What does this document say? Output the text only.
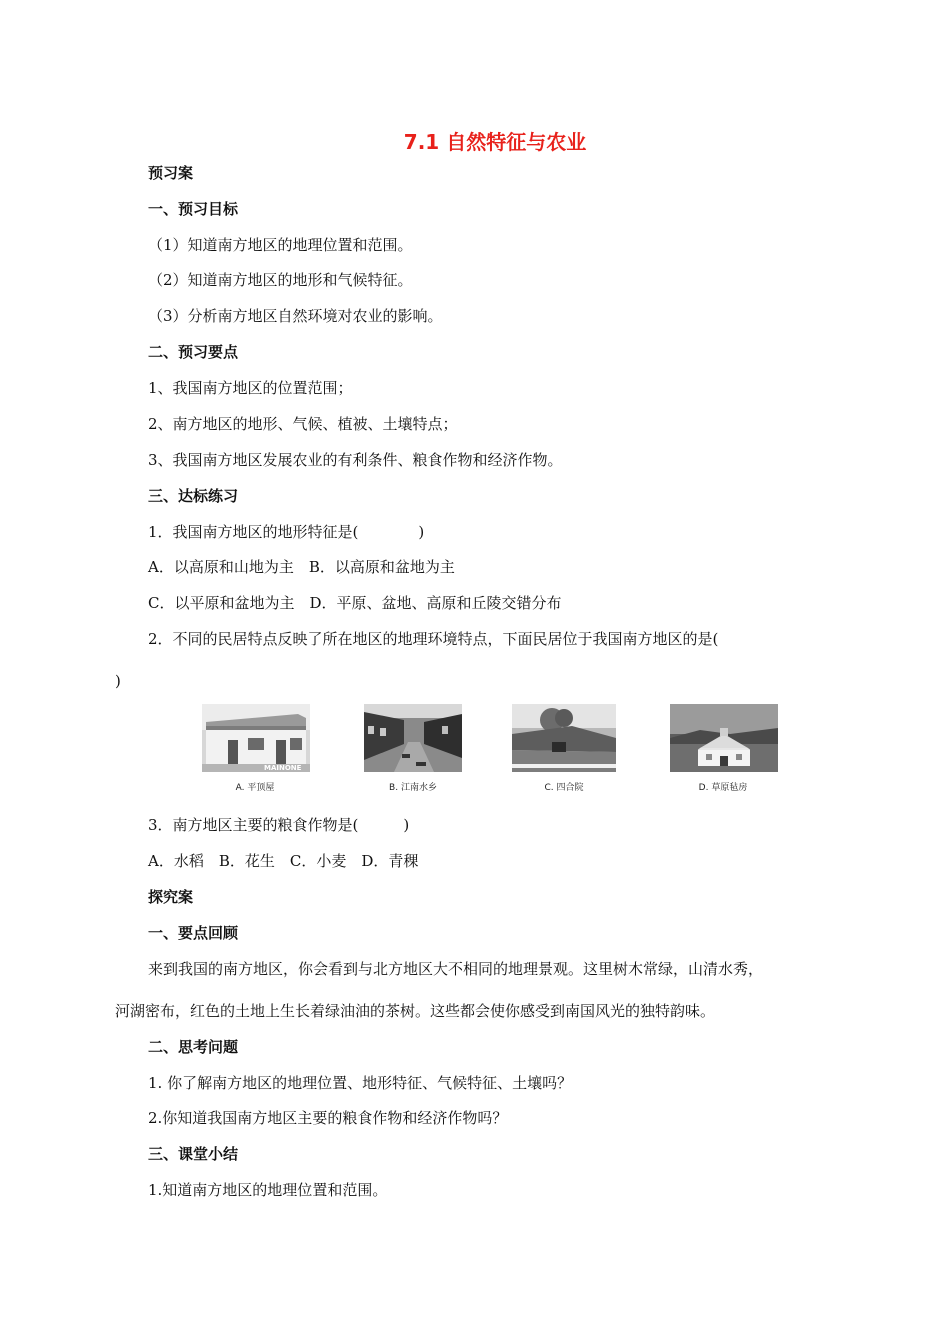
7.1 自然特征与农业
预习案
一、预习目标
（1）知道南方地区的地理位置和范围。
（2）知道南方地区的地形和气候特征。
（3）分析南方地区自然环境对农业的影响。
二、预习要点
1、我国南方地区的位置范围；
2、南方地区的地形、气候、植被、土壤特点；
3、我国南方地区发展农业的有利条件、粮食作物和经济作物。
三、达标练习
1．我国南方地区的地形特征是(　　　　)
A．以高原和山地为主　B．以高原和盆地为主
C．以平原和盆地为主　D．平原、盆地、高原和丘陵交错分布
2．不同的民居特点反映了所在地区的地理环境特点，下面民居位于我国南方地区的是(
)
MAINONE
A. 平顶屋	B. 江南水乡	C. 四合院	D. 草原毡房
3．南方地区主要的粮食作物是(　　　)
A．水稻　B．花生　C．小麦　D．青稞
探究案
一、要点回顾
来到我国的南方地区，你会看到与北方地区大不相同的地理景观。这里树木常绿，山清水秀，
河湖密布，红色的土地上生长着绿油油的茶树。这些都会使你感受到南国风光的独特韵味。
二、思考问题
1. 你了解南方地区的地理位置、地形特征、气候特征、土壤吗？
2.你知道我国南方地区主要的粮食作物和经济作物吗？
三、课堂小结
1.知道南方地区的地理位置和范围。
